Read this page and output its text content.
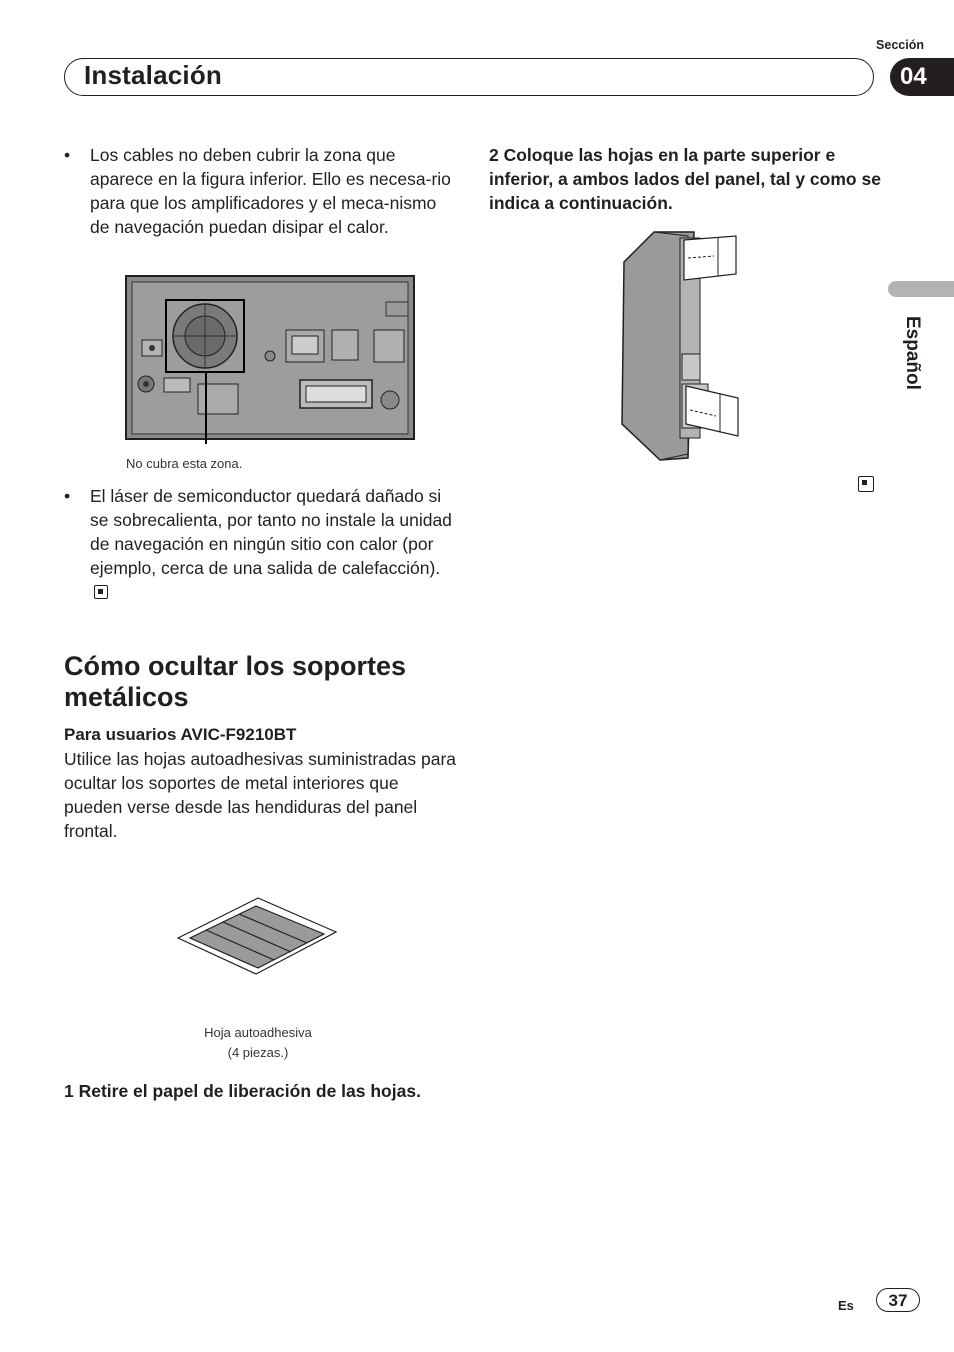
Sección
Instalación	04
Español
•	Los cables no deben cubrir la zona que aparece en la figura inferior. Ello es necesa-rio para que los amplificadores y el meca-nismo de navegación puedan disipar el calor.
No cubra esta zona.
•	El láser de semiconductor quedará dañado si se sobrecalienta, por tanto no instale la unidad de navegación en ningún sitio con calor (por ejemplo, cerca de una salida de calefacción).
Cómo ocultar los soportes metálicos
Para usuarios AVIC-F9210BT
Utilice las hojas autoadhesivas suministradas para ocultar los soportes de metal interiores que pueden verse desde las hendiduras del panel frontal.
Hoja autoadhesiva
(4 piezas.)
1 Retire el papel de liberación de las hojas.
2 Coloque las hojas en la parte superior e inferior, a ambos lados del panel, tal y como se indica a continuación.
Es	37
